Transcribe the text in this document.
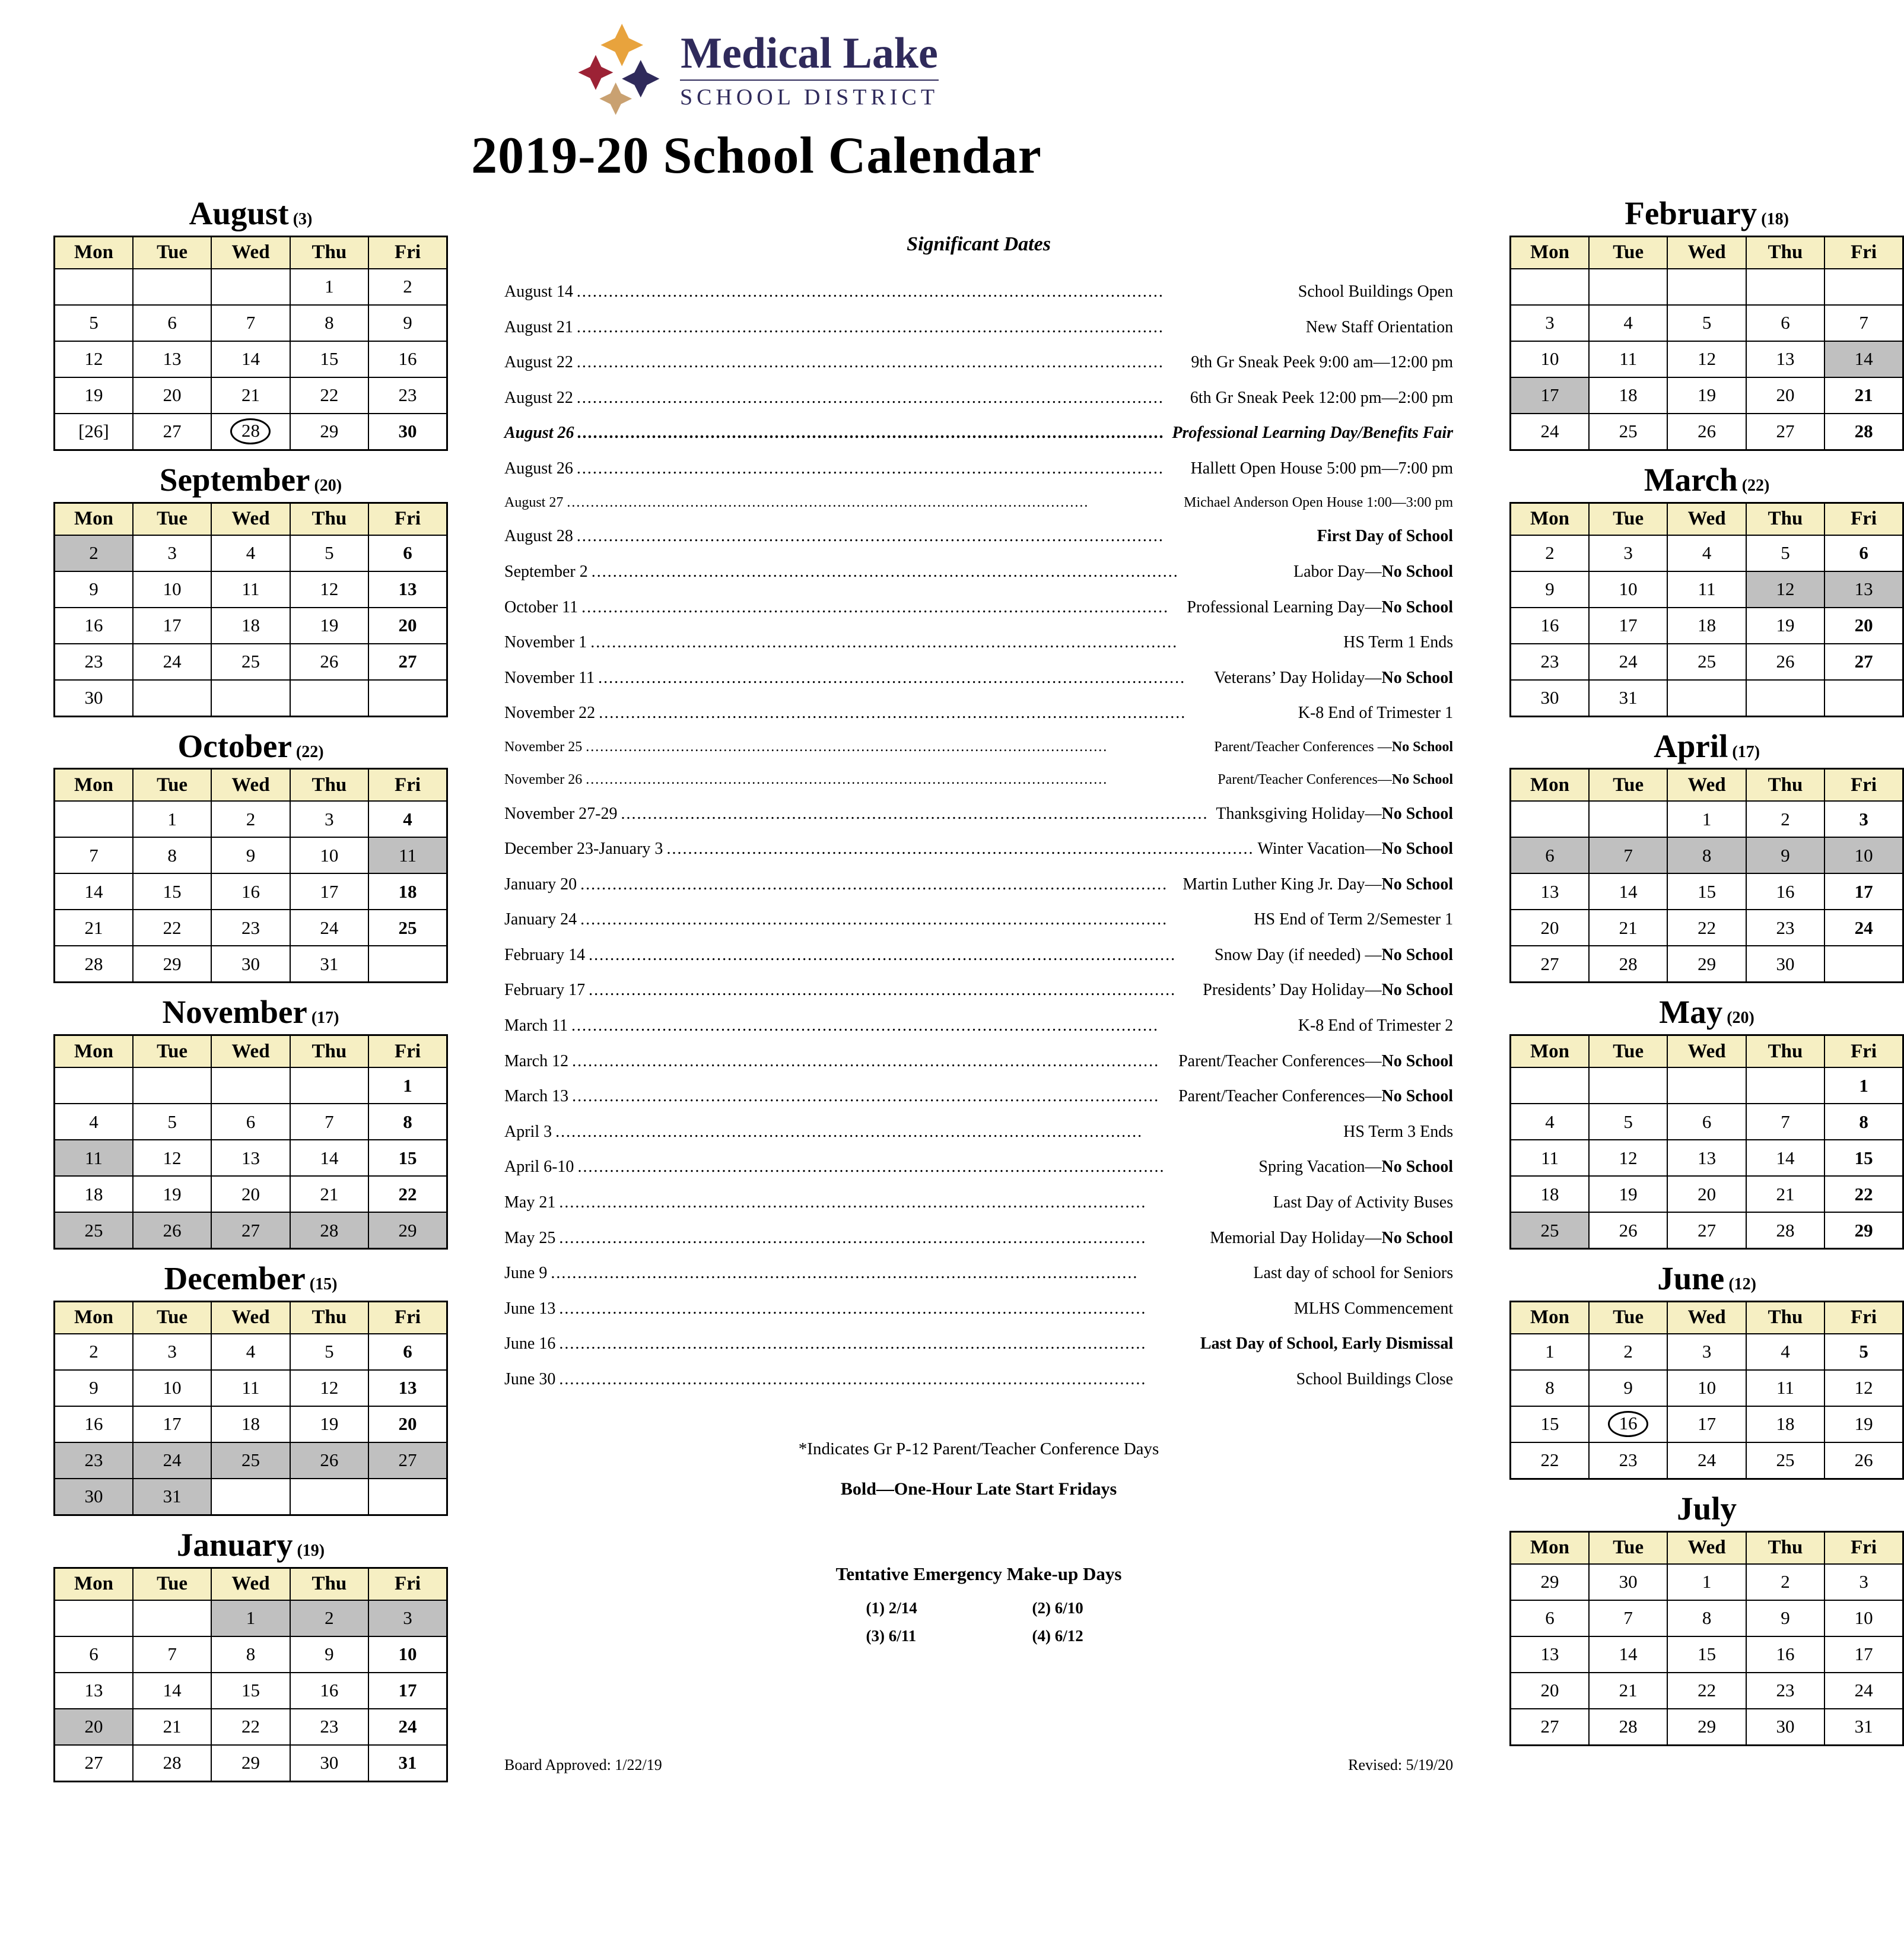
Medical Lake
SCHOOL DISTRICT
2019-20 School Calendar
August (3)
Mon	Tue	Wed	Thu	Fri
			1	2
5	6	7	8	9
12	13	14	15	16
19	20	21	22	23
[26]	27	28	29	30
September (20)
Mon	Tue	Wed	Thu	Fri
2	3	4	5	6
9	10	11	12	13
16	17	18	19	20
23	24	25	26	27
30				
October (22)
Mon	Tue	Wed	Thu	Fri
	1	2	3	4
7	8	9	10	11
14	15	16	17	18
21	22	23	24	25
28	29	30	31	
November (17)
Mon	Tue	Wed	Thu	Fri
				1
4	5	6	7	8
11	12	13	14	15
18	19	20	21	22
25	26	27	28	29
December (15)
Mon	Tue	Wed	Thu	Fri
2	3	4	5	6
9	10	11	12	13
16	17	18	19	20
23	24	25	26	27
30	31			
January (19)
Mon	Tue	Wed	Thu	Fri
		1	2	3
6	7	8	9	10
13	14	15	16	17
20	21	22	23	24
27	28	29	30	31
Significant Dates
August 14 .....	School Buildings Open
August 21 .....	New Staff Orientation
August 22 .....	9th Gr Sneak Peek 9:00 am—12:00 pm
August 22 .....	6th Gr Sneak Peek 12:00 pm—2:00 pm
August 26 .....	Professional Learning Day/Benefits Fair
August 26 .....	Hallett Open House 5:00 pm—7:00 pm
August 27 .....	Michael Anderson Open House 1:00—3:00 pm
August 28 .....	First Day of School
September 2 .....	Labor Day—No School
October 11 .....	Professional Learning Day—No School
November 1 .....	HS Term 1 Ends
November 11 .....	Veterans’ Day Holiday—No School
November 22 .....	K-8 End of Trimester 1
November 25 .....	Parent/Teacher Conferences —No School
November 26 .....	Parent/Teacher Conferences—No School
November 27-29 .....	Thanksgiving Holiday—No School
December 23-January 3 .....	Winter Vacation—No School
January 20 .....	Martin Luther King Jr. Day—No School
January 24 .....	HS End of Term 2/Semester 1
February 14 .....	Snow Day (if needed) —No School
February 17 .....	Presidents’ Day Holiday—No School
March 11 .....	K-8 End of Trimester 2
March 12 .....	Parent/Teacher Conferences—No School
March 13 .....	Parent/Teacher Conferences—No School
April 3 .....	HS Term 3 Ends
April 6-10 .....	Spring Vacation—No School
May 21 .....	Last Day of Activity Buses
May 25 .....	Memorial Day Holiday—No School
June 9 .....	Last day of school for Seniors
June 13 .....	MLHS Commencement
June 16 .....	Last Day of School, Early Dismissal
June 30 .....	School Buildings Close
*Indicates Gr P-12 Parent/Teacher Conference Days
Bold—One-Hour Late Start Fridays
Tentative Emergency Make-up Days
(1) 2/14	(2) 6/10
(3) 6/11	(4) 6/12
Board Approved: 1/22/19	Revised: 5/19/20
February (18)
Mon	Tue	Wed	Thu	Fri

3	4	5	6	7
10	11	12	13	14
17	18	19	20	21
24	25	26	27	28
March (22)
Mon	Tue	Wed	Thu	Fri
2	3	4	5	6
9	10	11	12	13
16	17	18	19	20
23	24	25	26	27
30	31			
April (17)
Mon	Tue	Wed	Thu	Fri
		1	2	3
6	7	8	9	10
13	14	15	16	17
20	21	22	23	24
27	28	29	30	
May (20)
Mon	Tue	Wed	Thu	Fri
				1
4	5	6	7	8
11	12	13	14	15
18	19	20	21	22
25	26	27	28	29
June (12)
Mon	Tue	Wed	Thu	Fri
1	2	3	4	5
8	9	10	11	12
15	16	17	18	19
22	23	24	25	26
July
Mon	Tue	Wed	Thu	Fri
29	30	1	2	3
6	7	8	9	10
13	14	15	16	17
20	21	22	23	24
27	28	29	30	31
